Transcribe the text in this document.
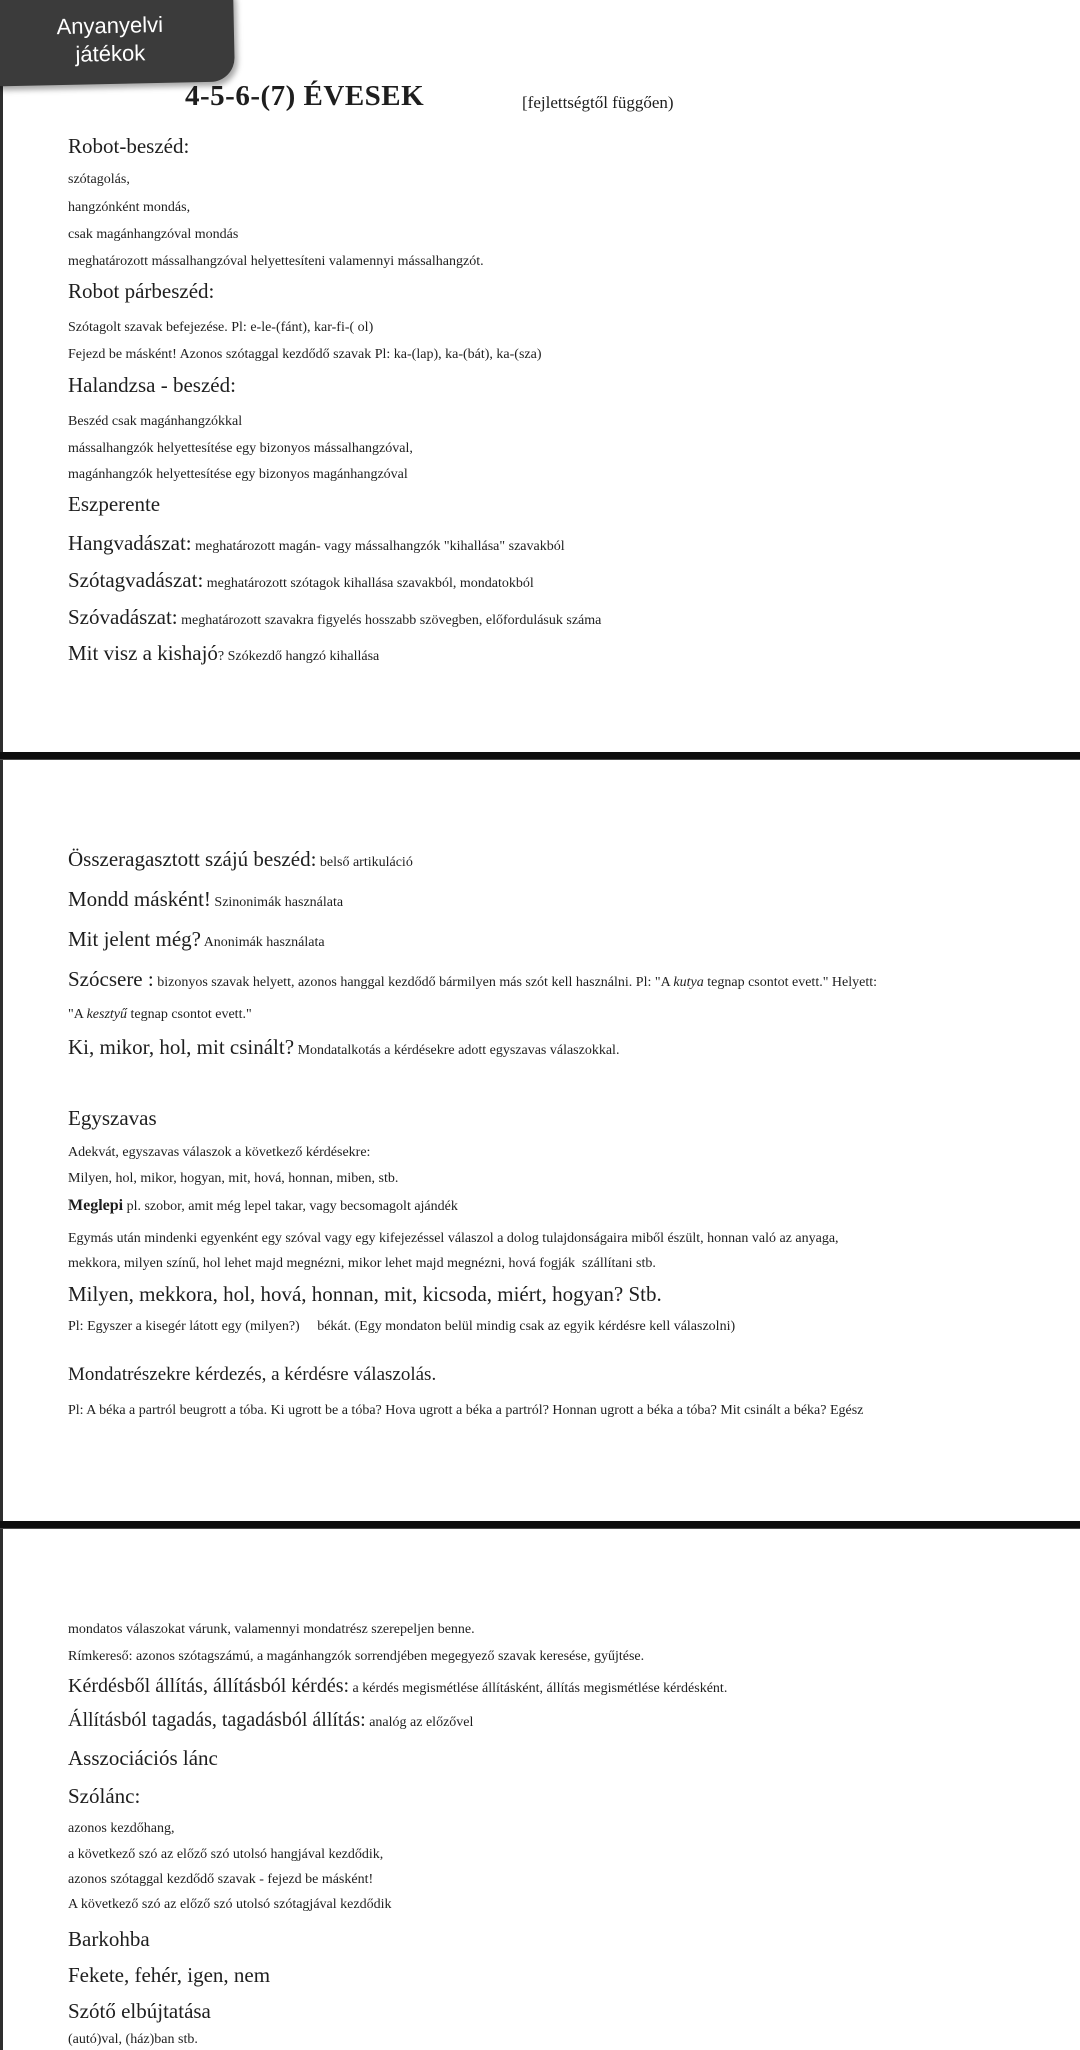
4-5-6-(7) ÉVESEK	[fejlettségtől függően)
Robot-beszéd:
szótagolás,
hangzónként mondás,
csak magánhangzóval mondás
meghatározott mássalhangzóval helyettesíteni valamennyi mássalhangzót.
Robot párbeszéd:
Szótagolt szavak befejezése. Pl: e-le-(fánt), kar-fi-( ol)
Fejezd be másként! Azonos szótaggal kezdődő szavak Pl: ka-(lap), ka-(bát), ka-(sza)
Halandzsa - beszéd:
Beszéd csak magánhangzókkal
mássalhangzók helyettesítése egy bizonyos mássalhangzóval,
magánhangzók helyettesítése egy bizonyos magánhangzóval
Eszperente
Hangvadászat: meghatározott magán- vagy mássalhangzók "kihallása" szavakból
Szótagvadászat: meghatározott szótagok kihallása szavakból, mondatokból
Szóvadászat: meghatározott szavakra figyelés hosszabb szövegben, előfordulásuk száma
Mit visz a kishajó? Szókezdő hangzó kihallása
Összeragasztott szájú beszéd: belső artikuláció
Mondd másként! Szinonimák használata
Mit jelent még? Anonimák használata
Szócsere : bizonyos szavak helyett, azonos hanggal kezdődő bármilyen más szót kell használni. Pl: "A kutya tegnap csontot evett." Helyett:
"A kesztyű tegnap csontot evett."
Ki, mikor, hol, mit csinált? Mondatalkotás a kérdésekre adott egyszavas válaszokkal.
Egyszavas
Adekvát, egyszavas válaszok a következő kérdésekre:
Milyen, hol, mikor, hogyan, mit, hová, honnan, miben, stb.
Meglepi pl. szobor, amit még lepel takar, vagy becsomagolt ajándék
Egymás után mindenki egyenként egy szóval vagy egy kifejezéssel válaszol a dolog tulajdonságaira miből észült, honnan való az anyaga,
mekkora, milyen színű, hol lehet majd megnézni, mikor lehet majd megnézni, hová fogják  szállítani stb.
Milyen, mekkora, hol, hová, honnan, mit, kicsoda, miért, hogyan? Stb.
Pl: Egyszer a kisegér látott egy (milyen?)     békát. (Egy mondaton belül mindig csak az egyik kérdésre kell válaszolni)
Mondatrészekre kérdezés, a kérdésre válaszolás.
Pl: A béka a partról beugrott a tóba. Ki ugrott be a tóba? Hova ugrott a béka a partról? Honnan ugrott a béka a tóba? Mit csinált a béka? Egész
mondatos válaszokat várunk, valamennyi mondatrész szerepeljen benne.
Rímkereső: azonos szótagszámú, a magánhangzók sorrendjében megegyező szavak keresése, gyűjtése.
Kérdésből állítás, állításból kérdés: a kérdés megismétlése állításként, állítás megismétlése kérdésként.
Állításból tagadás, tagadásból állítás: analóg az előzővel
Asszociációs lánc
Szólánc:
azonos kezdőhang,
a következő szó az előző szó utolsó hangjával kezdődik,
azonos szótaggal kezdődő szavak - fejezd be másként!
A következő szó az előző szó utolsó szótagjával kezdődik
Barkohba
Fekete, fehér, igen, nem
Szótő elbújtatása
(autó)val, (ház)ban stb.
Anyanyelvi
játékok
